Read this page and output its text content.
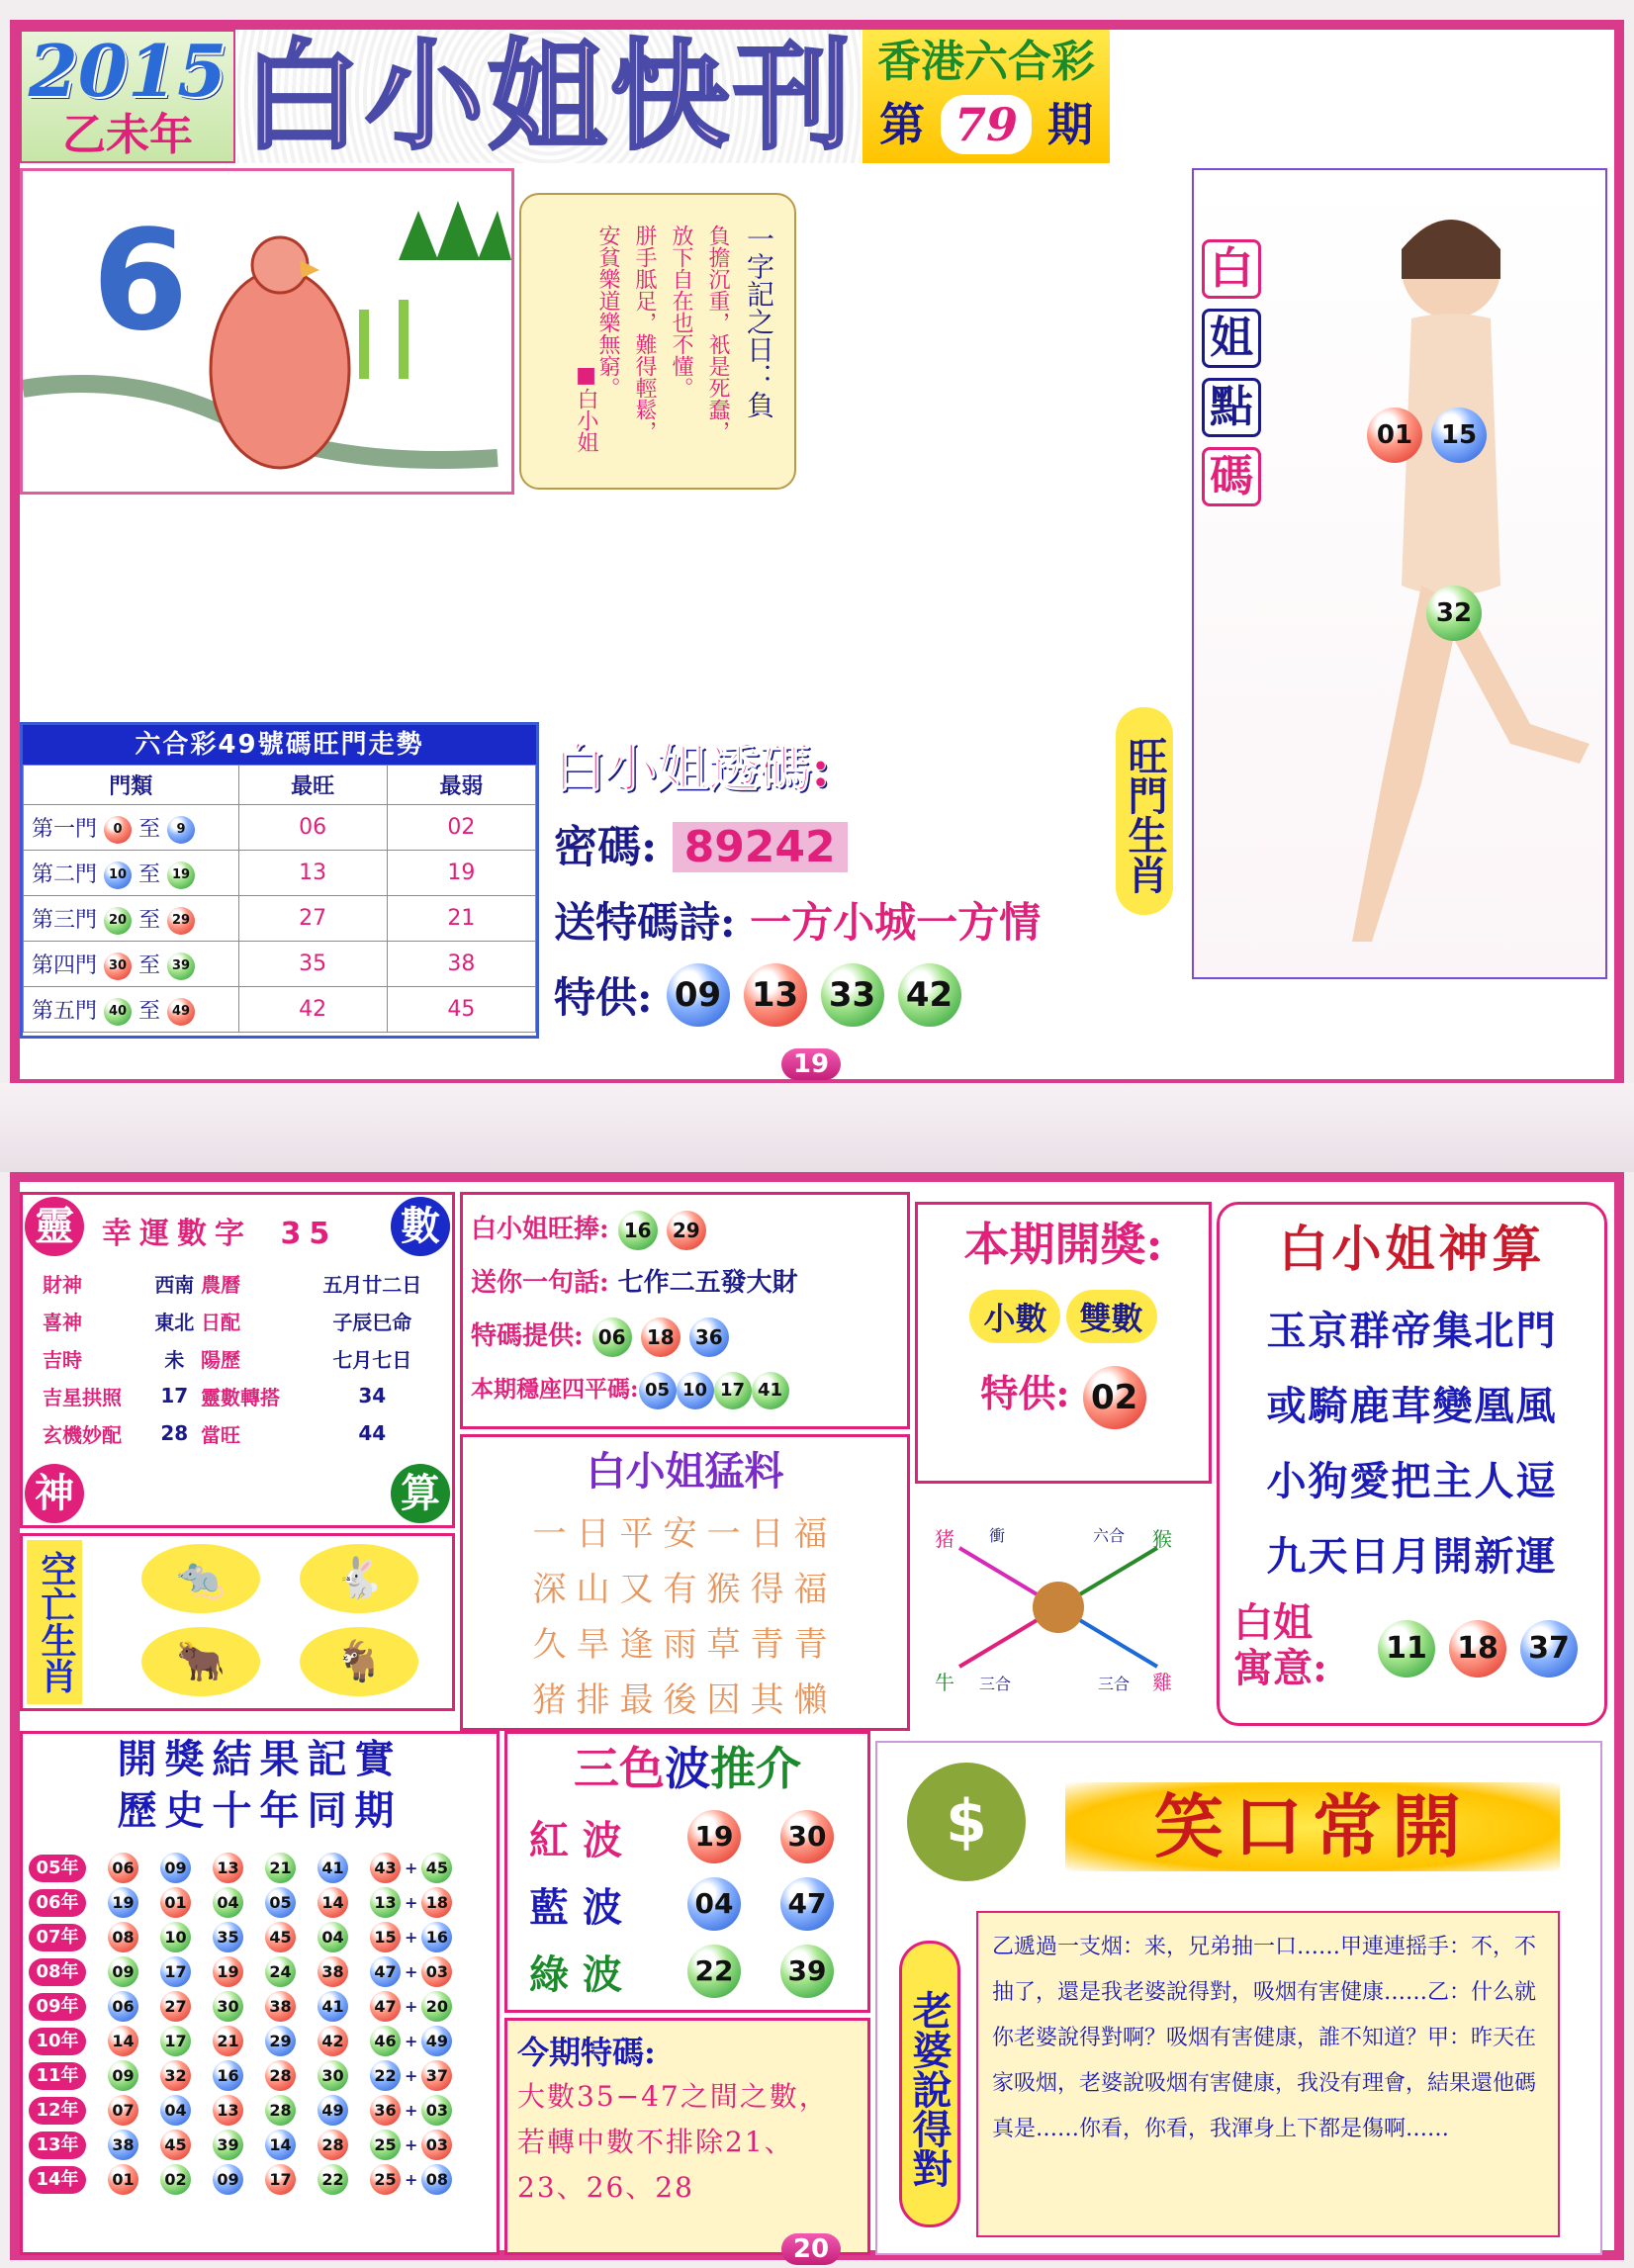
2015
乙未年 白小姐快刊 香港六合彩
第 79 期
6	一字記之日：負
負擔沉重，衹是死蠢，
放下自在也不懂。
胼手胝足，難得輕鬆，
安貧樂道樂無窮。
■白小姐
白
姐
點
碼
01	15
32
六合彩49號碼旺門走勢
門類	最旺	最弱
第一門 0 至 9	06	02
第二門 10 至 19	13	19
第三門 20 至 29	27	21
第四門 30 至 39	35	38
第五門 40 至 49	42	45
白小姐透碼:
密碼: 89242
送特碼詩: 一方小城一方情
特供: 09 13 33 42
旺門生肖
19
靈	數
幸運數字 35
財神	西南	農曆	五月廿二日
喜神	東北	日配	子辰巳命
吉時	未	陽歷	七月七日
吉星拱照	17	靈數轉搭	34
玄機妙配	28	當旺	44
神	算
空亡生肖	🐀	🐇
🐂	🐐
白小姐旺捧: 16 29
送你一句話: 七作二五發大財
特碼提供: 06 18 36
本期穩座四平碼: 05 10 17 41
白小姐猛料
一日平安一日福
深山又有猴得福
久旱逢雨草青青
猪排最後因其懶
本期開獎:
小數 雙數
特供: 02
猪 衝	六合 猴
牛 三合	三合 雞
白小姐神算
玉京群帝集北門
或騎鹿茸變凰風
小狗愛把主人逗
九天日月開新運
白姐
寓意: 11 18 37
開獎結果記實
歷史十年同期
05年	06 09 13 21 41 43 + 45
06年	19 01 04 05 14 13 + 18
07年	08 10 35 45 04 15 + 16
08年	09 17 19 24 38 47 + 03
09年	06 27 30 38 41 47 + 20
10年	14 17 21 29 42 46 + 49
11年	09 32 16 28 30 22 + 37
12年	07 04 13 28 49 36 + 03
13年	38 45 39 14 28 25 + 03
14年	01 02 09 17 22 25 + 08
三色波推介
紅 波	19 30
藍 波	04 47
綠 波	22 39
今期特碼:
大數35−47之間之數，若轉中數不排除21、23、26、28
$	笑口常開
老婆說得對
乙遞過一支烟：来，兄弟抽一口……甲連連摇手：不，不抽了，還是我老婆說得對，吸烟有害健康……乙：什么就你老婆說得對啊？吸烟有害健康，誰不知道？甲：昨天在家吸烟，老婆說吸烟有害健康，我没有理會，結果還他碼真是……你看，你看，我渾身上下都是傷啊……
20
